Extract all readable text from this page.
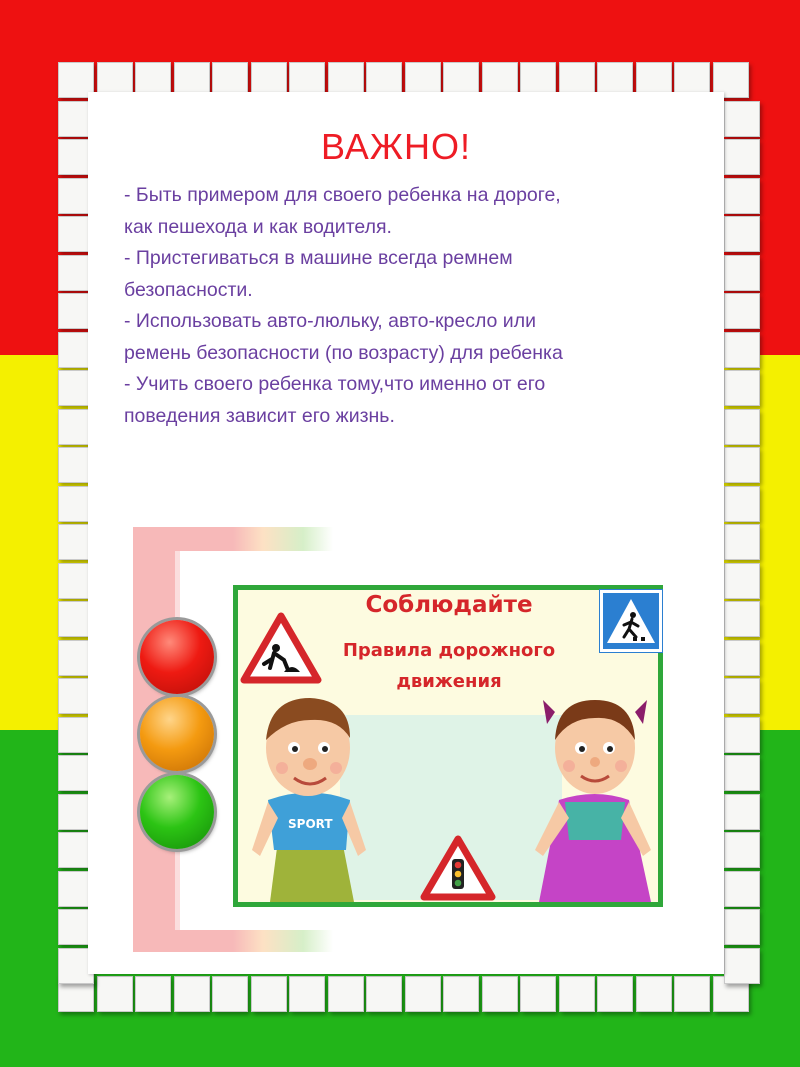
ВАЖНО!
- Быть примером для своего ребенка на дороге,
как пешехода и как водителя.
- Пристегиваться в машине всегда ремнем
безопасности.
- Использовать авто-люльку, авто-кресло или
ремень безопасности (по возрасту) для ребенка
- Учить своего ребенка тому,что именно от его
поведения зависит его жизнь.
Соблюдайте
Правила дорожного
движения
SPORT
